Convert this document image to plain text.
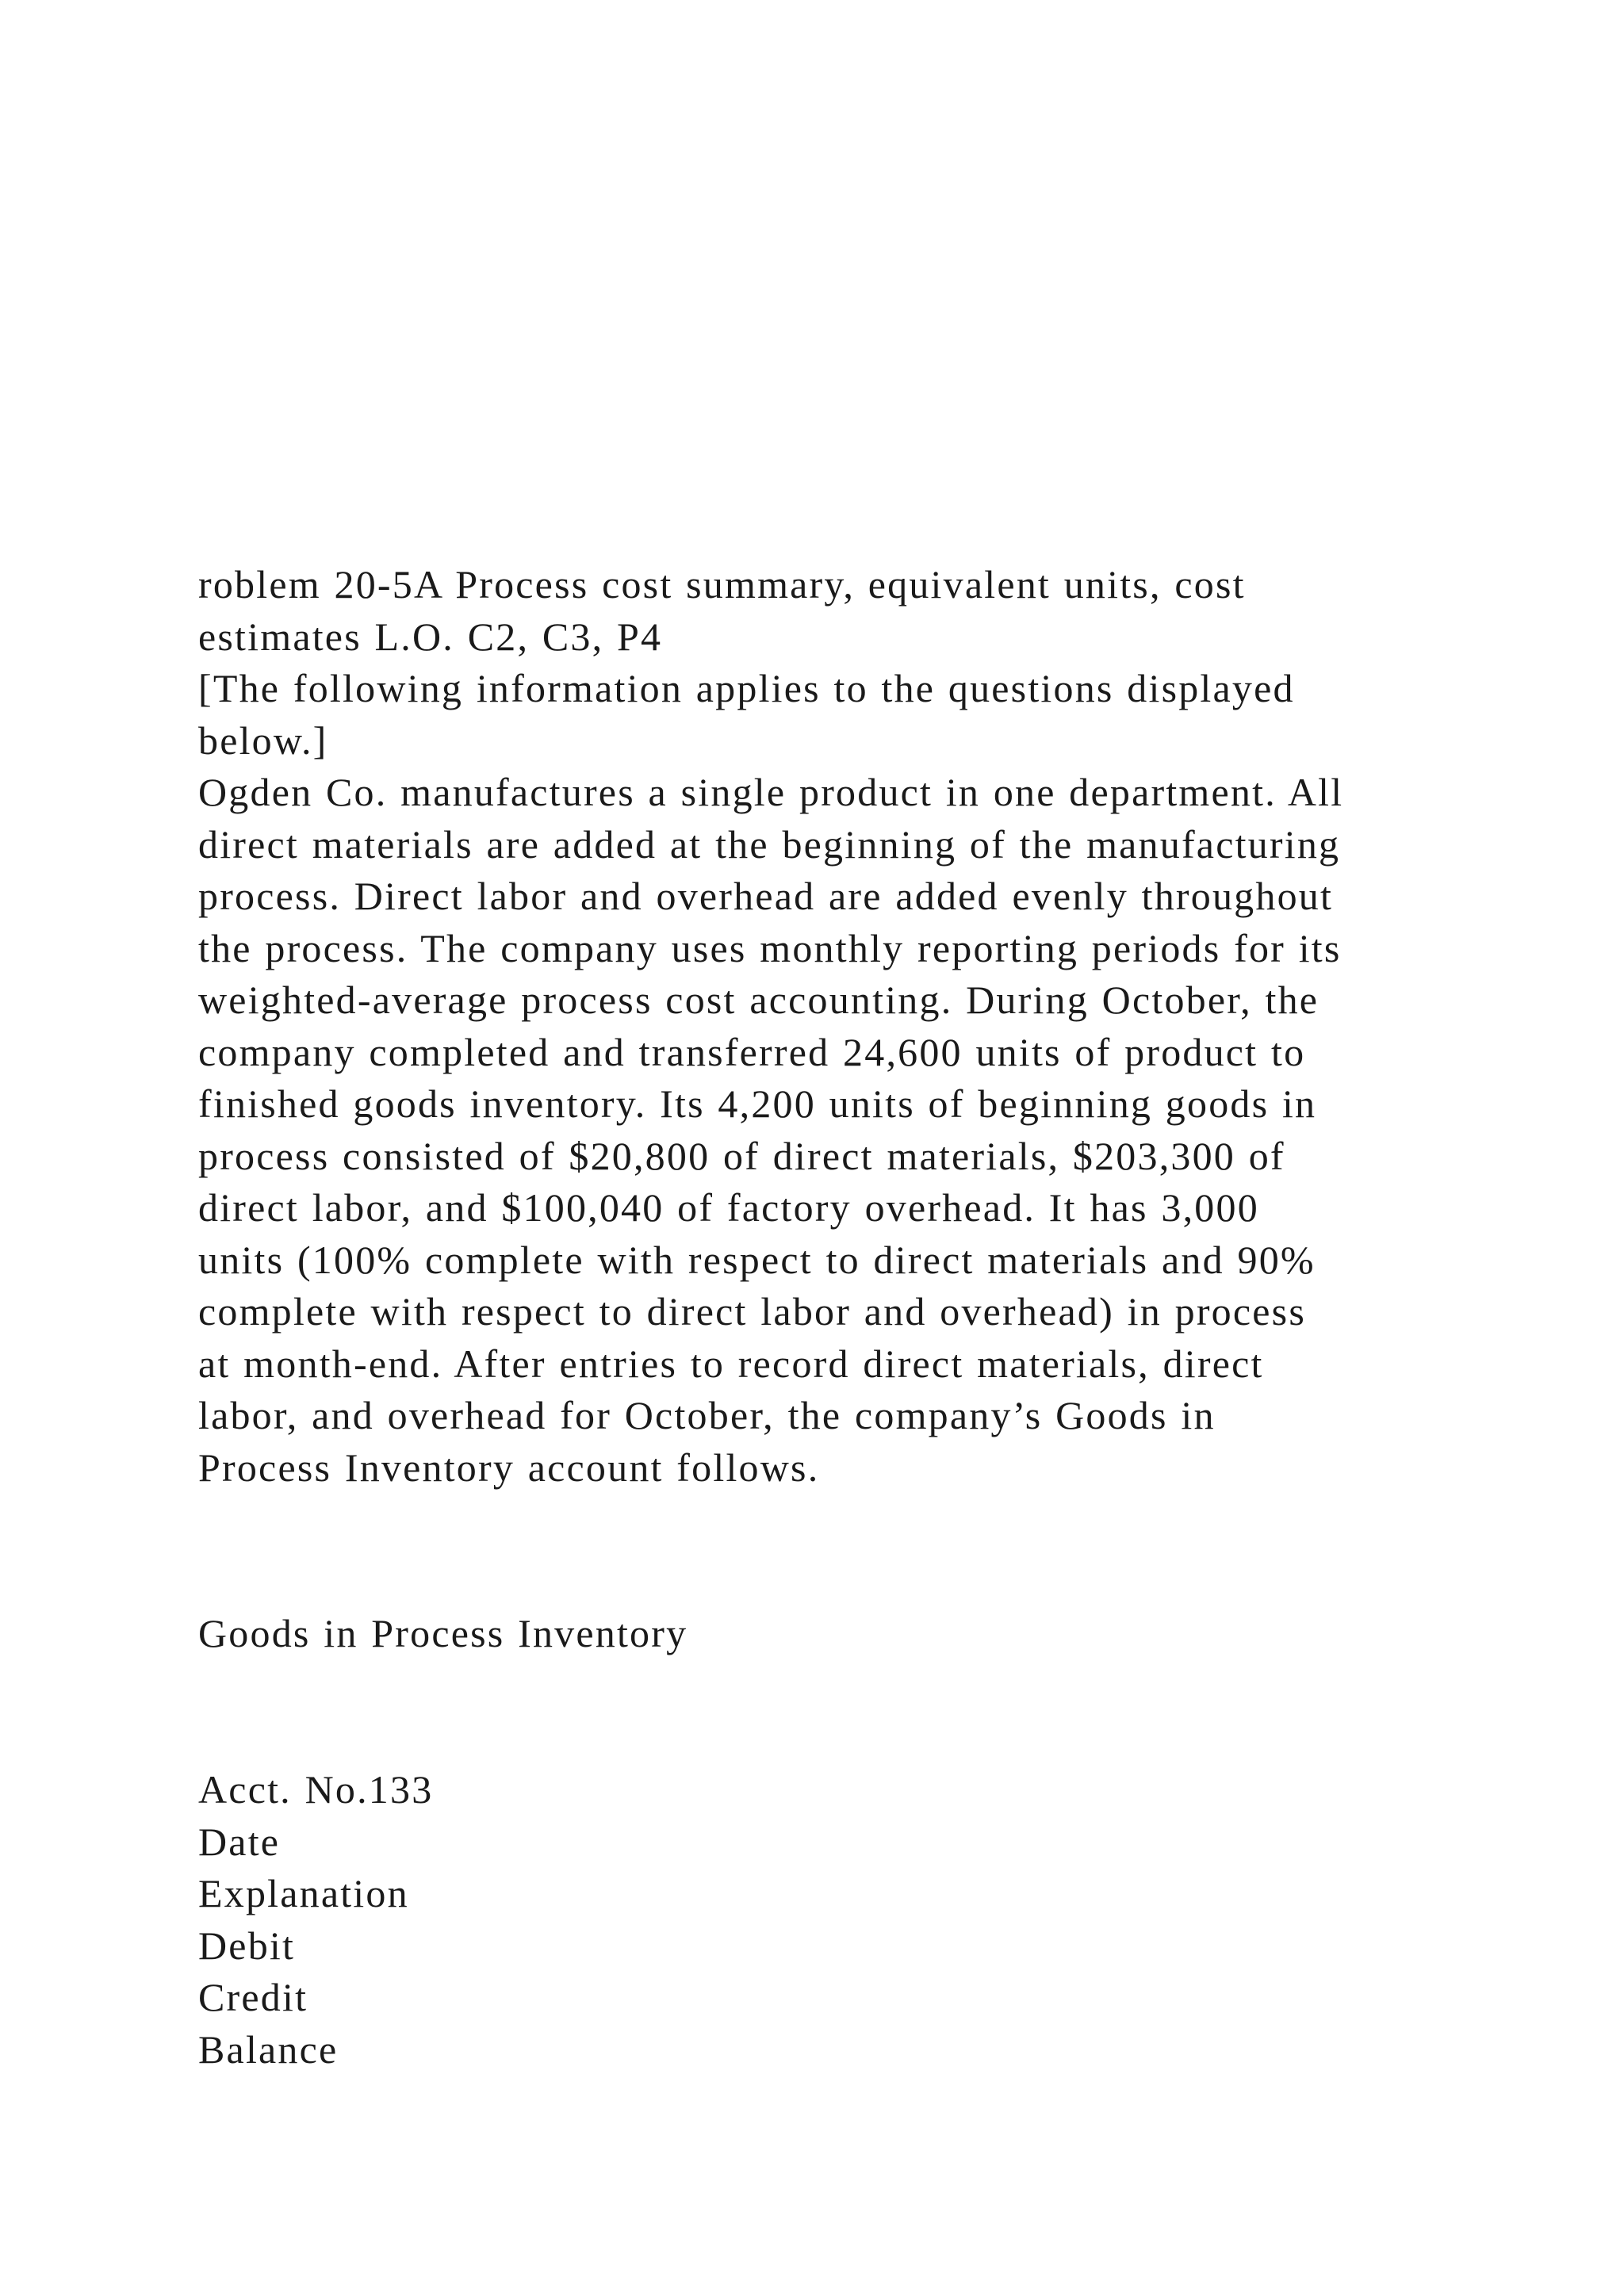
roblem 20-5A Process cost summary, equivalent units, cost
estimates L.O. C2, C3, P4
[The following information applies to the questions displayed
below.]
Ogden Co. manufactures a single product in one department. All
direct materials are added at the beginning of the manufacturing
process. Direct labor and overhead are added evenly throughout
the process. The company uses monthly reporting periods for its
weighted-average process cost accounting. During October, the
company completed and transferred 24,600 units of product to
finished goods inventory. Its 4,200 units of beginning goods in
process consisted of $20,800 of direct materials, $203,300 of
direct labor, and $100,040 of factory overhead. It has 3,000
units (100% complete with respect to direct materials and 90%
complete with respect to direct labor and overhead) in process
at month-end. After entries to record direct materials, direct
labor, and overhead for October, the company’s Goods in
Process Inventory account follows.
Goods in Process Inventory
Acct. No.133
Date
Explanation
Debit
Credit
Balance
